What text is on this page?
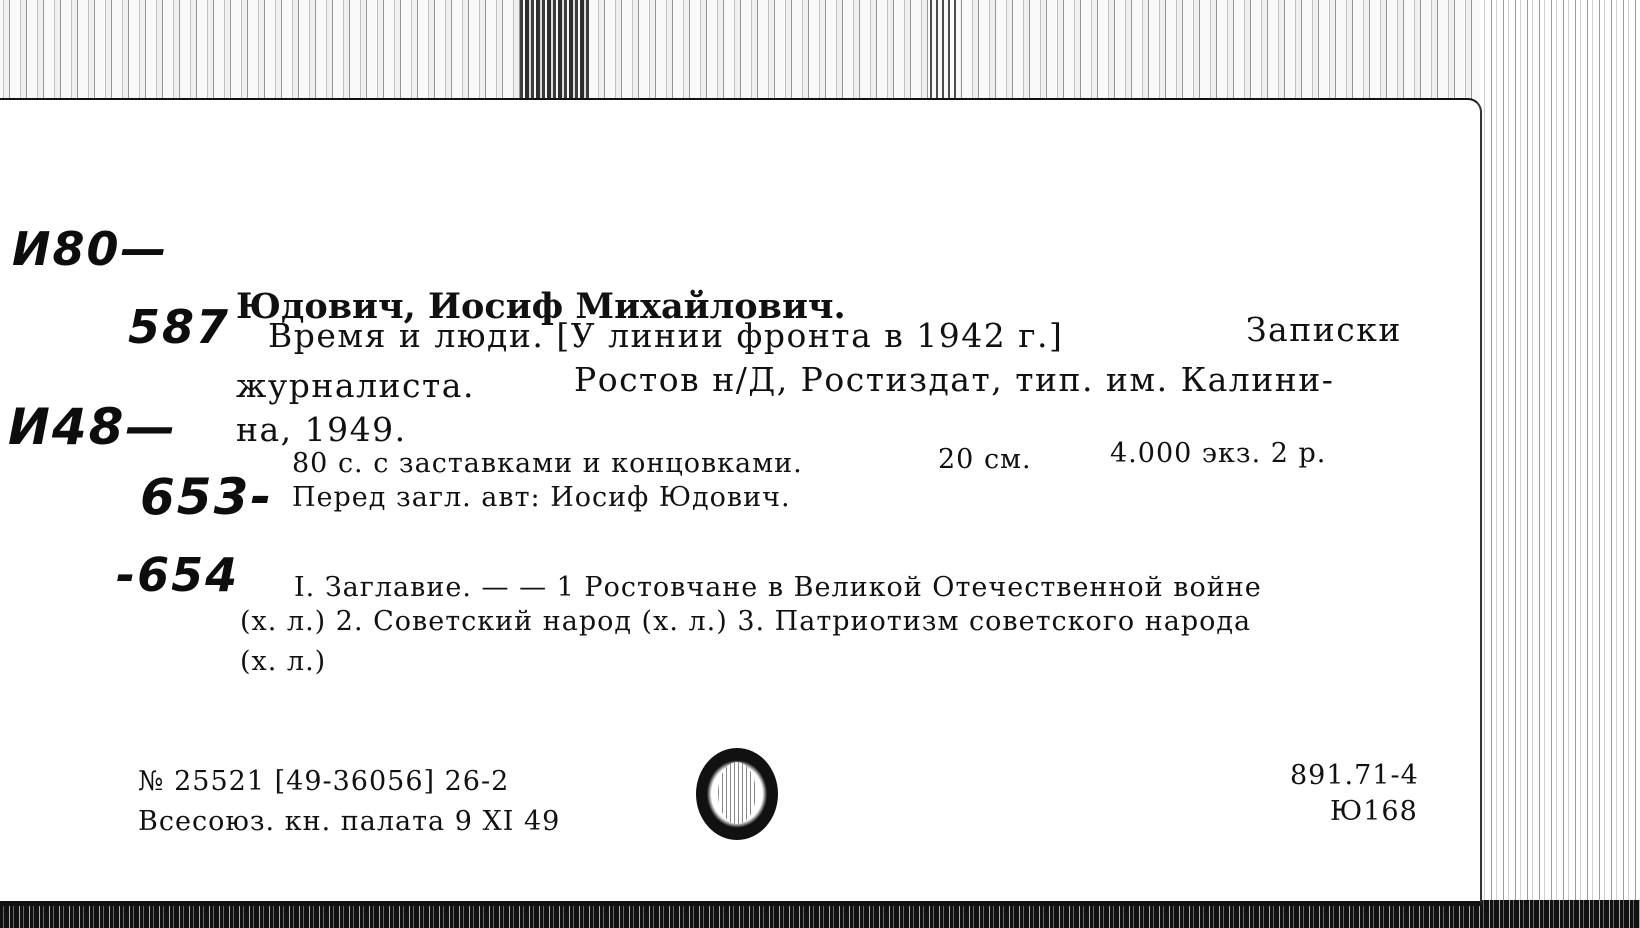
И80—
587
И48—
653-
-654
Юдович, Иосиф Михайлович.
Время и люди. [У линии фронта в 1942 г.]	Записки
журналиста.	Ростов н/Д, Ростиздат, тип. им. Калини-
на, 1949.
80 с. с заставками и концовками.	20 см.	4.000 экз. 2 р.
Перед загл. авт: Иосиф Юдович.
I. Заглавие. — — 1 Ростовчане в Великой Отечественной войне
(х. л.) 2. Советский народ (х. л.) 3. Патриотизм советского народа
(х. л.)
№ 25521 [49-36056] 26-2
Всесоюз. кн. палата 9 XI 49
891.71-4
Ю168
